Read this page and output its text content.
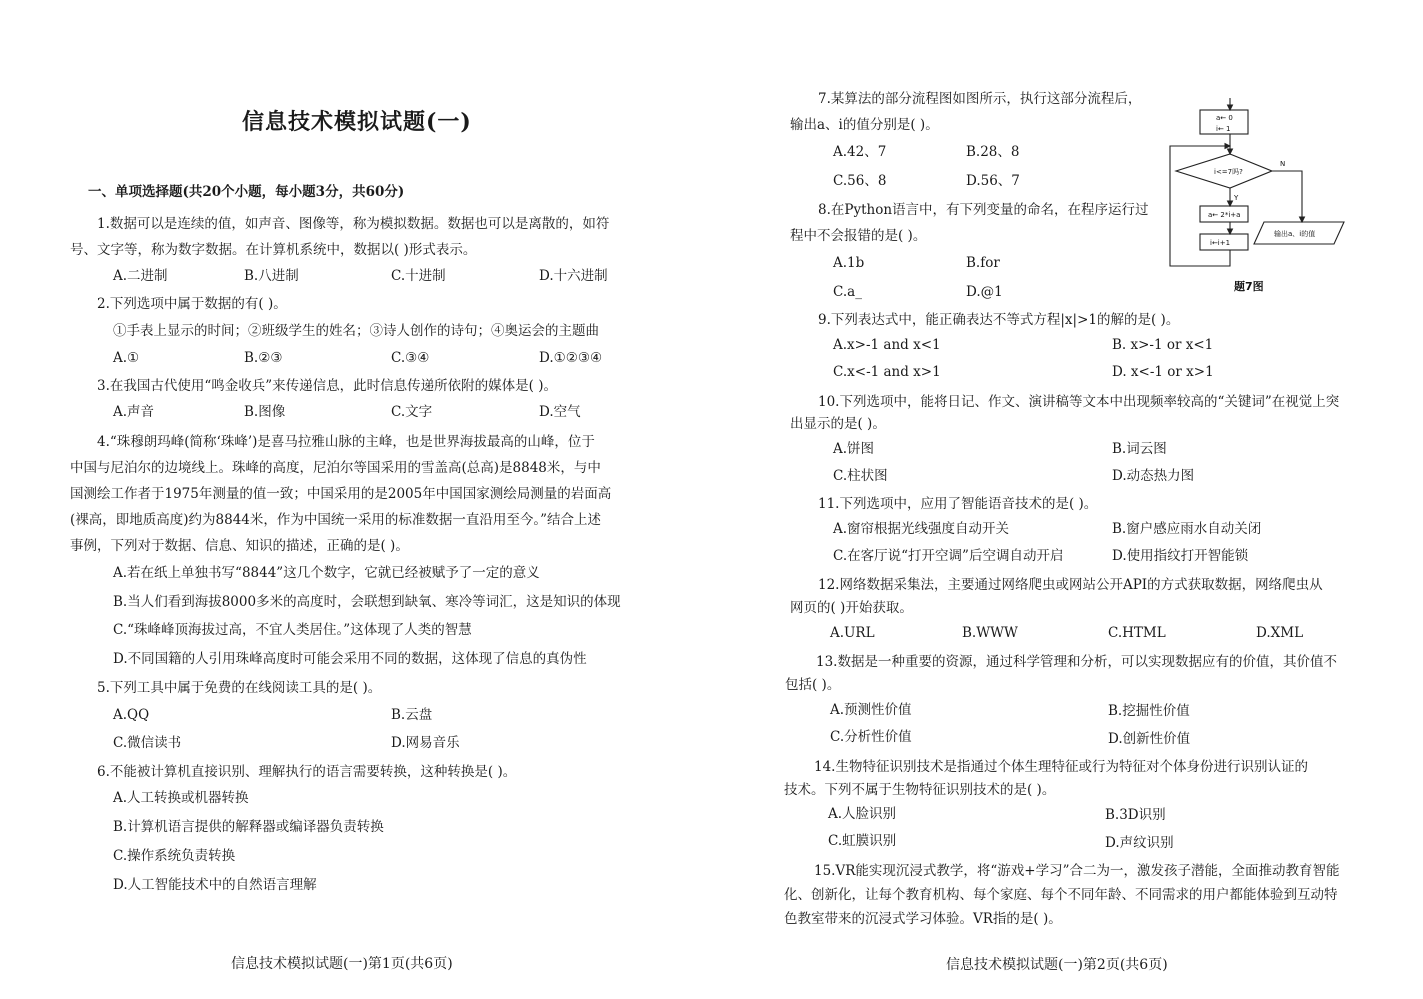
信息技术模拟试题(一)
一、单项选择题(共20个小题，每小题3分，共60分)
1.数据可以是连续的值，如声音、图像等，称为模拟数据。数据也可以是离散的，如符
号、文字等，称为数字数据。在计算机系统中，数据以( )形式表示。
A.二进制	B.八进制	C.十进制	D.十六进制
2.下列选项中属于数据的有( )。
①手表上显示的时间；②班级学生的姓名；③诗人创作的诗句；④奥运会的主题曲
A.①	B.②③	C.③④	D.①②③④
3.在我国古代使用“鸣金收兵”来传递信息，此时信息传递所依附的媒体是( )。
A.声音	B.图像	C.文字	D.空气
4.“珠穆朗玛峰(简称‘珠峰’)是喜马拉雅山脉的主峰，也是世界海拔最高的山峰，位于
中国与尼泊尔的边境线上。珠峰的高度，尼泊尔等国采用的雪盖高(总高)是8848米，与中
国测绘工作者于1975年测量的值一致；中国采用的是2005年中国国家测绘局测量的岩面高
(裸高，即地质高度)约为8844米，作为中国统一采用的标准数据一直沿用至今。”结合上述
事例，下列对于数据、信息、知识的描述，正确的是( )。
A.若在纸上单独书写“8844”这几个数字，它就已经被赋予了一定的意义
B.当人们看到海拔8000多米的高度时，会联想到缺氧、寒冷等词汇，这是知识的体现
C.“珠峰峰顶海拔过高，不宜人类居住。”这体现了人类的智慧
D.不同国籍的人引用珠峰高度时可能会采用不同的数据，这体现了信息的真伪性
5.下列工具中属于免费的在线阅读工具的是( )。
A.QQ	B.云盘
C.微信读书	D.网易音乐
6.不能被计算机直接识别、理解执行的语言需要转换，这种转换是( )。
A.人工转换或机器转换
B.计算机语言提供的解释器或编译器负责转换
C.操作系统负责转换
D.人工智能技术中的自然语言理解
信息技术模拟试题(一)第1页(共6页)
7.某算法的部分流程图如图所示，执行这部分流程后，
输出a、i的值分别是( )。
A.42、7	B.28、8
C.56、8	D.56、7
8.在Python语言中，有下列变量的命名，在程序运行过
程中不会报错的是( )。
A.1b	B.for
C.a_	D.@1
a← 0
i← 1
i<=7吗?
N
Y
a← 2*i+a
i←i+1
输出a、i的值
题7图
9.下列表达式中，能正确表达不等式方程|x|>1的解的是( )。
A.x>-1 and x<1	B. x>-1 or x<1
C.x<-1 and x>1	D. x<-1 or x>1
10.下列选项中，能将日记、作文、演讲稿等文本中出现频率较高的“关键词”在视觉上突
出显示的是( )。
A.饼图	B.词云图
C.柱状图	D.动态热力图
11.下列选项中，应用了智能语音技术的是( )。
A.窗帘根据光线强度自动开关	B.窗户感应雨水自动关闭
C.在客厅说“打开空调”后空调自动开启	D.使用指纹打开智能锁
12.网络数据采集法，主要通过网络爬虫或网站公开API的方式获取数据，网络爬虫从
网页的( )开始获取。
A.URL	B.WWW	C.HTML	D.XML
13.数据是一种重要的资源，通过科学管理和分析，可以实现数据应有的价值，其价值不
包括( )。
A.预测性价值	B.挖掘性价值
C.分析性价值	D.创新性价值
14.生物特征识别技术是指通过个体生理特征或行为特征对个体身份进行识别认证的
技术。下列不属于生物特征识别技术的是( )。
A.人脸识别	B.3D识别
C.虹膜识别	D.声纹识别
15.VR能实现沉浸式教学，将“游戏+学习”合二为一，激发孩子潜能，全面推动教育智能
化、创新化，让每个教育机构、每个家庭、每个不同年龄、不同需求的用户都能体验到互动特
色教室带来的沉浸式学习体验。VR指的是( )。
信息技术模拟试题(一)第2页(共6页)
